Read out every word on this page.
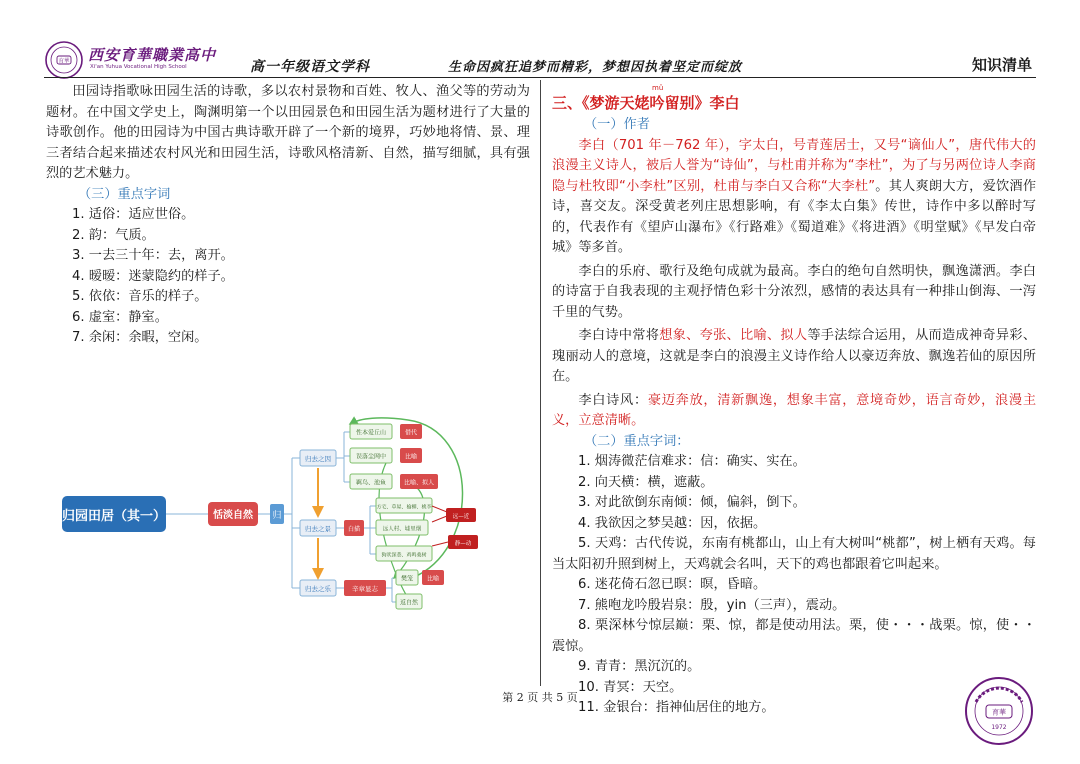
育華 西安育華職業高中
Xi'an Yuhua Vocational High School	高一年级语文学科	生命因疯狂追梦而精彩，梦想因执着坚定而绽放	知识清单

田园诗指歌咏田园生活的诗歌，多以农村景物和百姓、牧人、渔父等的劳动为题材。在中国文学史上，陶渊明第一个以田园景色和田园生活为题材进行了大量的诗歌创作。他的田园诗为中国古典诗歌开辟了一个新的境界，巧妙地将情、景、理三者结合起来描述农村风光和田园生活，诗歌风格清新、自然，描写细腻，具有强烈的艺术魅力。

（三）重点字词

1. 适俗：适应世俗。

2. 韵：气质。

3. 一去三十年：去，离开。

4. 暧暧：迷蒙隐约的样子。

5. 依依：音乐的样子。

6. 虚室：静室。

7. 余闲：余暇，空闲。

归园田居（其一）	恬淡自然 归
归去之因
归去之景
归去之乐
性本爱丘山	借代
误落尘网中	比喻
羁鸟、池鱼	比喻、拟人
白描
方宅、草屋、榆柳、桃李
远人村、墟里烟
狗吠深巷、鸡鸣桑树
远—近
静—动
辛章显志
樊笼 比喻
返自然

三、《梦游天姥吟留别》李白

（一）作者

李白（701 年－762 年），字太白，号青莲居士，又号“谪仙人”，唐代伟大的浪漫主义诗人，被后人誉为“诗仙”，与杜甫并称为“李杜”，为了与另两位诗人李商隐与杜牧即“小李杜”区别，杜甫与李白又合称“大李杜”。其人爽朗大方，爱饮酒作诗，喜交友。深受黄老列庄思想影响，有《李太白集》传世，诗作中多以醉时写的，代表作有《望庐山瀑布》《行路难》《蜀道难》《将进酒》《明堂赋》《早发白帝城》等多首。

李白的乐府、歌行及绝句成就为最高。李白的绝句自然明快，飘逸潇洒。李白的诗富于自我表现的主观抒情色彩十分浓烈，感情的表达具有一种排山倒海、一泻千里的气势。

李白诗中常将想象、夸张、比喻、拟人等手法综合运用，从而造成神奇异彩、瑰丽动人的意境，这就是李白的浪漫主义诗作给人以豪迈奔放、飘逸若仙的原因所在。

李白诗风：豪迈奔放，清新飘逸，想象丰富，意境奇妙，语言奇妙，浪漫主义，立意清晰。

（二）重点字词：

1. 烟涛微茫信难求：信：确实、实在。

2. 向天横：横，遮蔽。

3. 对此欲倒东南倾：倾，偏斜，倒下。

4. 我欲因之梦吴越：因，依据。

5. 天鸡：古代传说，东南有桃都山，山上有大树叫“桃都”，树上栖有天鸡。每当太阳初升照到树上，天鸡就会名叫，天下的鸡也都跟着它叫起来。

6. 迷花倚石忽已暝：暝，昏暗。

7. 熊咆龙吟殷岩泉：殷，yin（三声），震动。

8. 栗深林兮惊层巅：栗、惊，都是使动用法。栗，使・・・战栗。惊，使・・震惊。

9. 青青：黑沉沉的。

10. 青冥：天空。

11. 金银台：指神仙居住的地方。

mǔ
第 2 页 共 5 页
育華
1972
